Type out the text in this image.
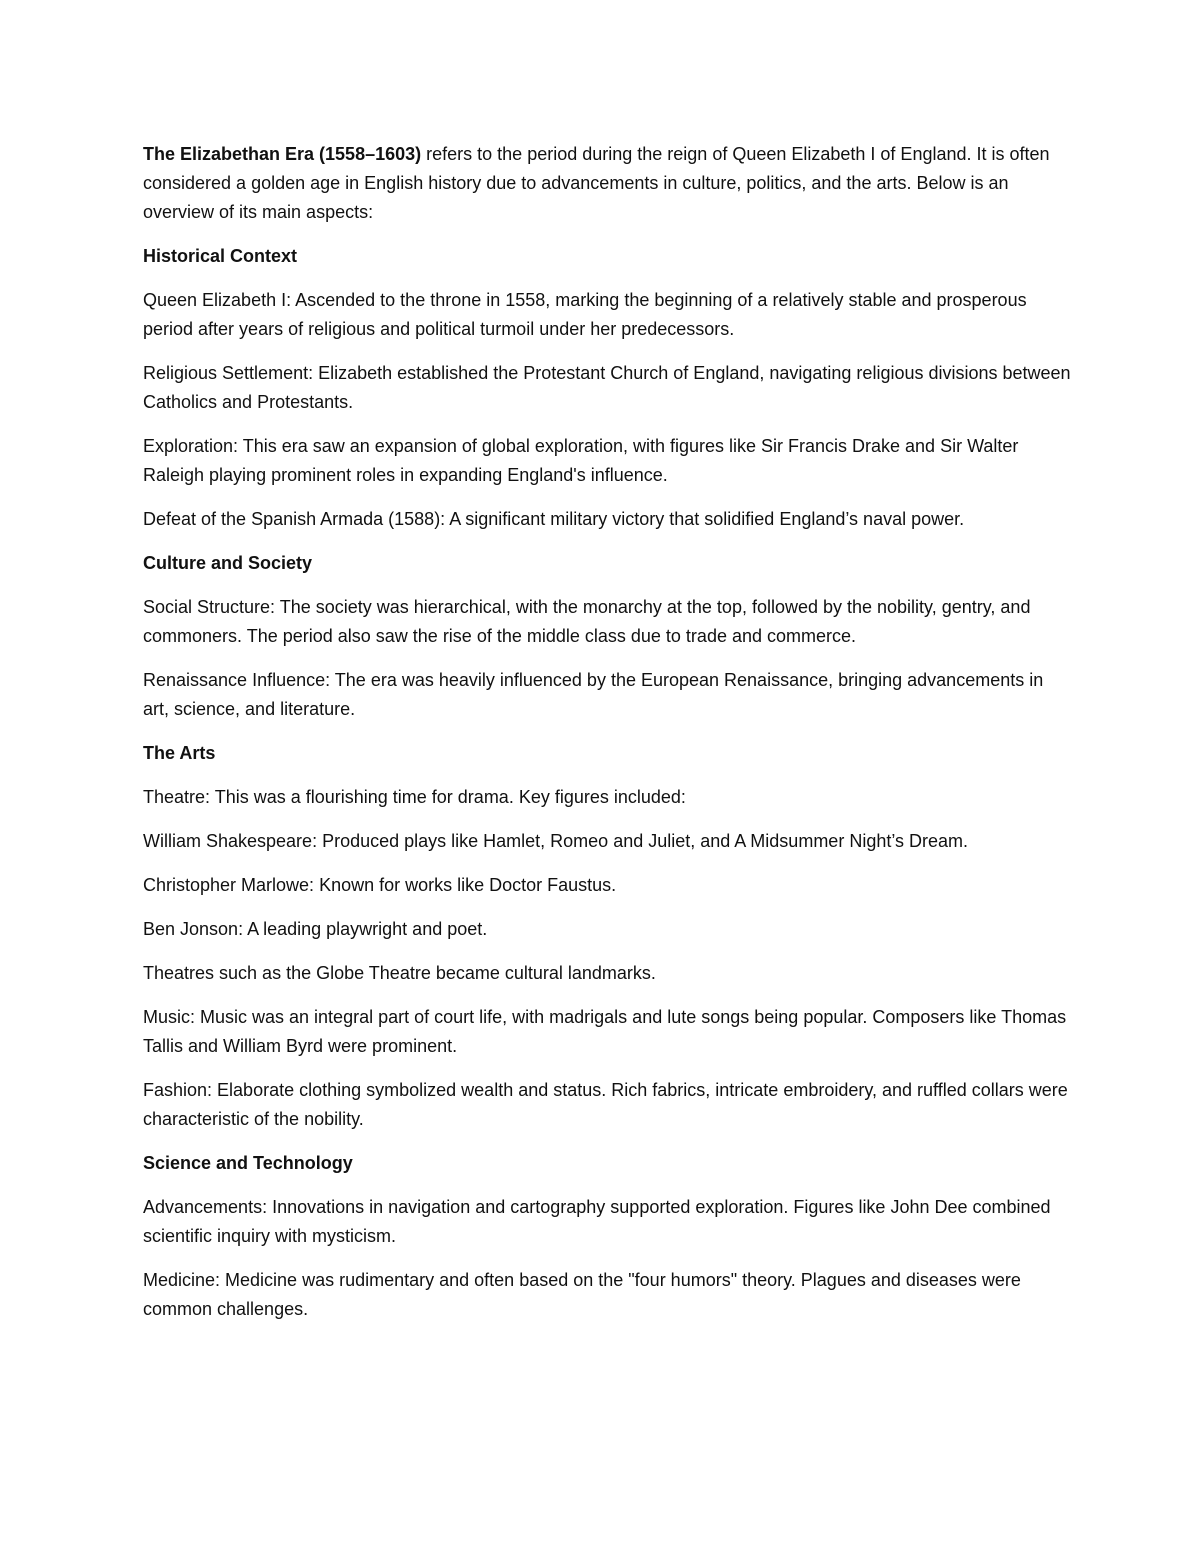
The Elizabethan Era (1558–1603) refers to the period during the reign of Queen Elizabeth I of England. It is often considered a golden age in English history due to advancements in culture, politics, and the arts. Below is an overview of its main aspects:

Historical Context

Queen Elizabeth I: Ascended to the throne in 1558, marking the beginning of a relatively stable and prosperous period after years of religious and political turmoil under her predecessors.

Religious Settlement: Elizabeth established the Protestant Church of England, navigating religious divisions between Catholics and Protestants.

Exploration: This era saw an expansion of global exploration, with figures like Sir Francis Drake and Sir Walter Raleigh playing prominent roles in expanding England's influence.

Defeat of the Spanish Armada (1588): A significant military victory that solidified England’s naval power.

Culture and Society

Social Structure: The society was hierarchical, with the monarchy at the top, followed by the nobility, gentry, and commoners. The period also saw the rise of the middle class due to trade and commerce.

Renaissance Influence: The era was heavily influenced by the European Renaissance, bringing advancements in art, science, and literature.

The Arts

Theatre: This was a flourishing time for drama. Key figures included:

William Shakespeare: Produced plays like Hamlet, Romeo and Juliet, and A Midsummer Night’s Dream.

Christopher Marlowe: Known for works like Doctor Faustus.

Ben Jonson: A leading playwright and poet.

Theatres such as the Globe Theatre became cultural landmarks.

Music: Music was an integral part of court life, with madrigals and lute songs being popular. Composers like Thomas Tallis and William Byrd were prominent.

Fashion: Elaborate clothing symbolized wealth and status. Rich fabrics, intricate embroidery, and ruffled collars were characteristic of the nobility.

Science and Technology

Advancements: Innovations in navigation and cartography supported exploration. Figures like John Dee combined scientific inquiry with mysticism.

Medicine: Medicine was rudimentary and often based on the "four humors" theory. Plagues and diseases were common challenges.
